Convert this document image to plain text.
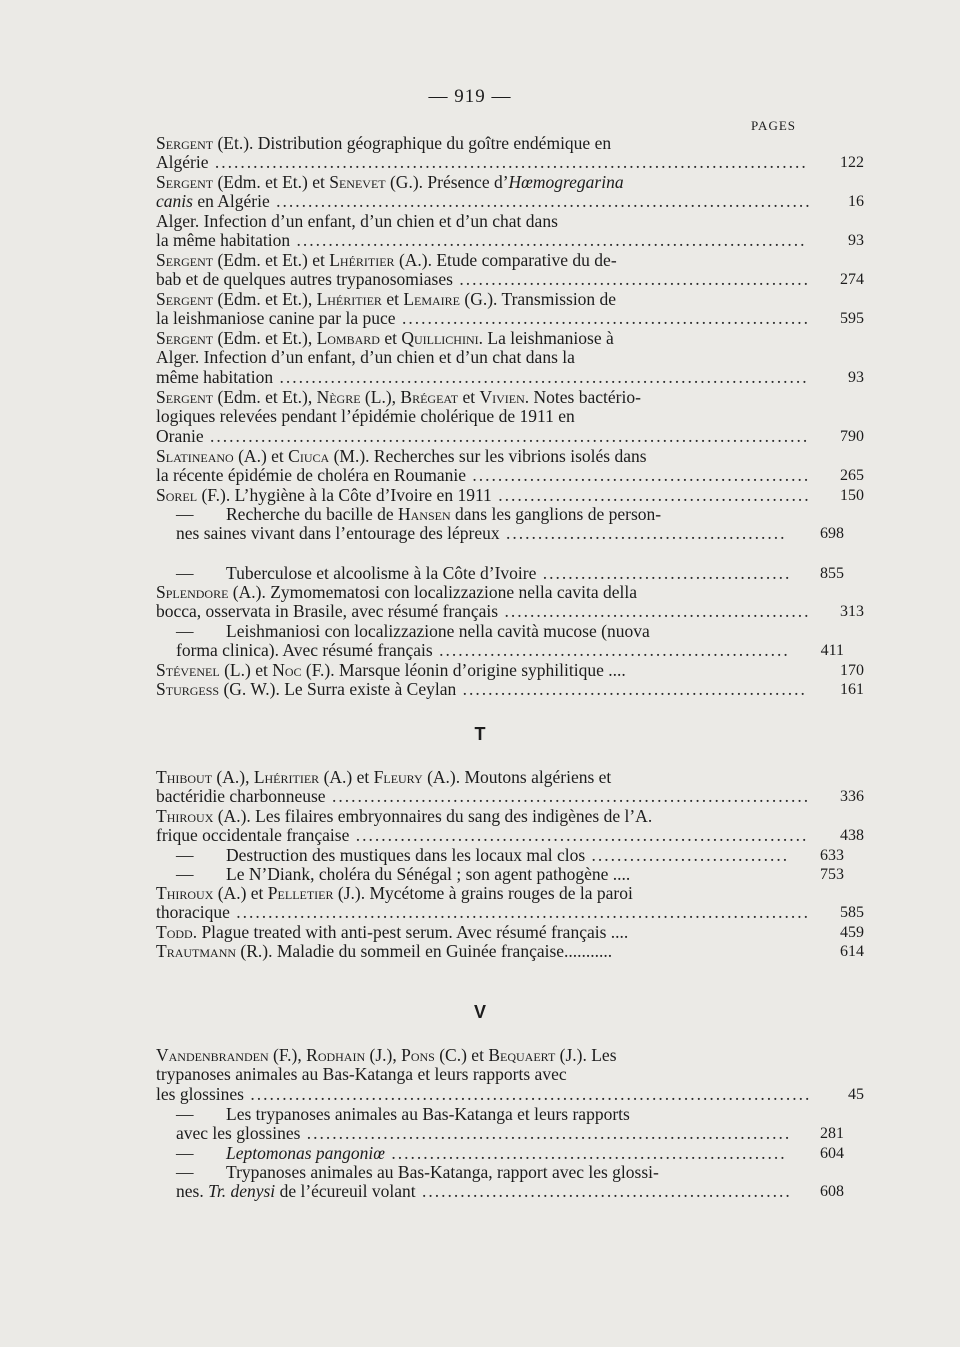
— 919 —
PAGES
T
V
Sergent (Et.). Distribution géographique du goître endémique en
Algérie .............................................................................................	122
Sergent (Edm. et Et.) et Senevet (G.). Présence d’Hœmogregarina
canis en Algérie ....................................................................................	16
Alger. Infection d’un enfant, d’un chien et d’un chat dans
la même habitation ................................................................................	93
Sergent (Edm. et Et.) et Lhéritier (A.). Etude comparative du de-
bab et de quelques autres trypanosomiases .......................................................	274
Sergent (Edm. et Et.), Lhéritier et Lemaire (G.). Transmission de
la leishmaniose canine par la puce ................................................................	595
Sergent (Edm. et Et.), Lombard et Quillichini. La leishmaniose à
Alger. Infection d’un enfant, d’un chien et d’un chat dans la
même habitation ...................................................................................	93
Sergent (Edm. et Et.), Nègre (L.), Brégeat et Vivien. Notes bactério-
logiques relevées pendant l’épidémie cholérique de 1911 en
Oranie ..............................................................................................	790
Slatineano (A.) et Ciuca (M.). Recherches sur les vibrions isolés dans
la récente épidémie de choléra en Roumanie .....................................................	265
Sorel (F.). L’hygiène à la Côte d’Ivoire en 1911 .................................................	150
— Recherche du bacille de Hansen dans les ganglions de person-
nes saines vivant dans l’entourage des lépreux ............................................	698
— Tuberculose et alcoolisme à la Côte d’Ivoire .......................................	855
Splendore (A.). Zymomematosi con localizzazione nella cavita della
bocca, osservata in Brasile, avec résumé français ................................................	313
— Leishmaniosi con localizzazione nella cavità mucose (nuova
forma clinica). Avec résumé français .......................................................	411
Stévenel (L.) et Noc (F.). Marsque léonin d’origine syphilitique ....	170
Sturgess (G. W.). Le Surra existe à Ceylan ......................................................	161
Thibout (A.), Lhéritier (A.) et Fleury (A.). Moutons algériens et
bactéridie charbonneuse ...........................................................................	336
Thiroux (A.). Les filaires embryonnaires du sang des indigènes de l’A.
frique occidentale française .......................................................................	438
— Destruction des mustiques dans les locaux mal clos ...............................	633
— Le N’Diank, choléra du Sénégal ; son agent pathogène ....	753
Thiroux (A.) et Pelletier (J.). Mycétome à grains rouges de la paroi
thoracique ..........................................................................................	585
Todd. Plague treated with anti-pest serum. Avec résumé français ....	459
Trautmann (R.). Maladie du sommeil en Guinée française...........	614
Vandenbranden (F.), Rodhain (J.), Pons (C.) et Bequaert (J.). Les
trypanoses animales au Bas-Katanga et leurs rapports avec
les glossines ........................................................................................	45
— Les trypanoses animales au Bas-Katanga et leurs rapports
avec les glossines ............................................................................	281
— Leptomonas pangoniœ ..............................................................	604
— Trypanoses animales au Bas-Katanga, rapport avec les glossi-
nes. Tr. denysi de l’écureuil volant ..........................................................	608
